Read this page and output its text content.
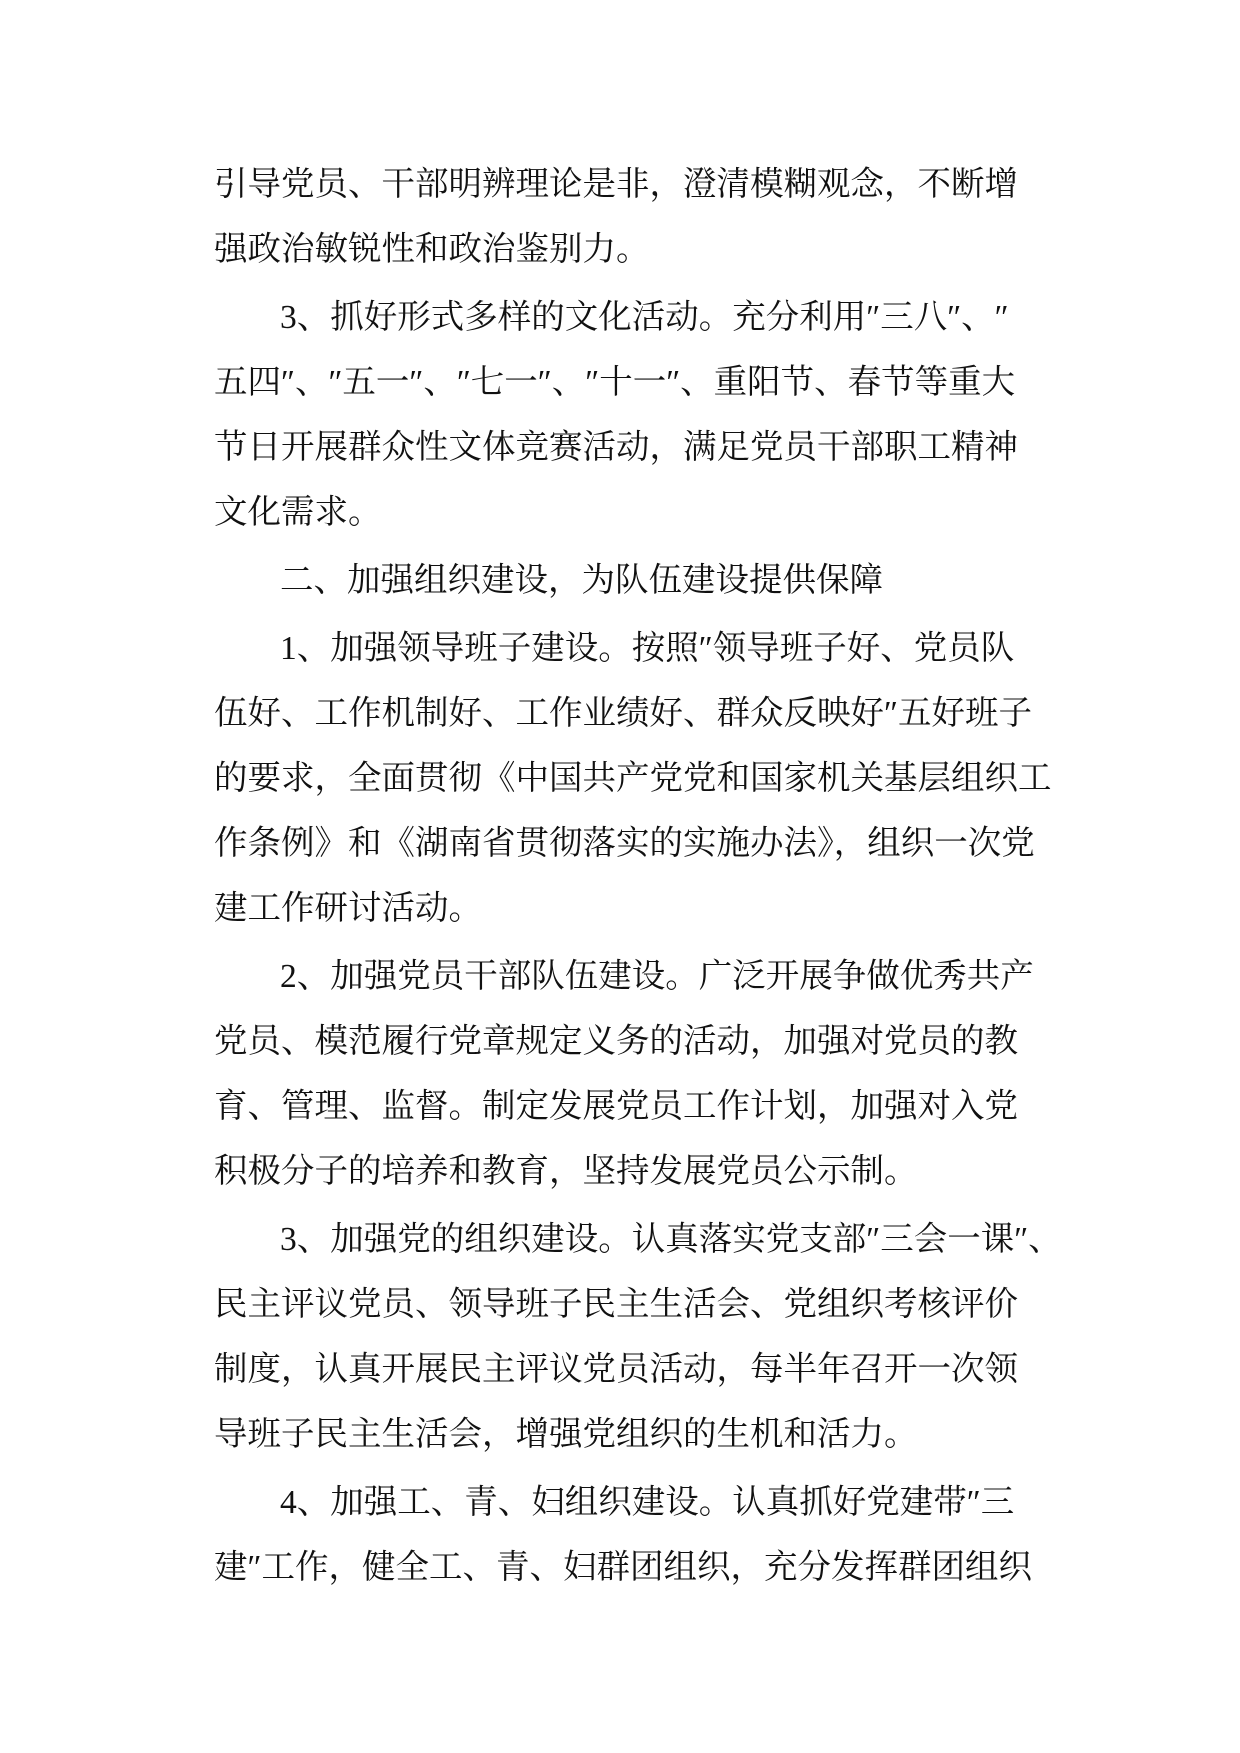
引导党员、干部明辨理论是非，澄清模糊观念，不断增
强政治敏锐性和政治鉴别力。
3、抓好形式多样的文化活动。充分利用″三八″、″
五四″、″五一″、″七一″、″十一″、重阳节、春节等重大
节日开展群众性文体竞赛活动，满足党员干部职工精神
文化需求。
二、加强组织建设，为队伍建设提供保障
1、加强领导班子建设。按照″领导班子好、党员队
伍好、工作机制好、工作业绩好、群众反映好″五好班子
的要求，全面贯彻《中国共产党党和国家机关基层组织工
作条例》和《湖南省贯彻落实的实施办法》，组织一次党
建工作研讨活动。
2、加强党员干部队伍建设。广泛开展争做优秀共产
党员、模范履行党章规定义务的活动，加强对党员的教
育、管理、监督。制定发展党员工作计划，加强对入党
积极分子的培养和教育，坚持发展党员公示制。
3、加强党的组织建设。认真落实党支部″三会一课″、
民主评议党员、领导班子民主生活会、党组织考核评价
制度，认真开展民主评议党员活动，每半年召开一次领
导班子民主生活会，增强党组织的生机和活力。
4、加强工、青、妇组织建设。认真抓好党建带″三
建″工作，健全工、青、妇群团组织，充分发挥群团组织
